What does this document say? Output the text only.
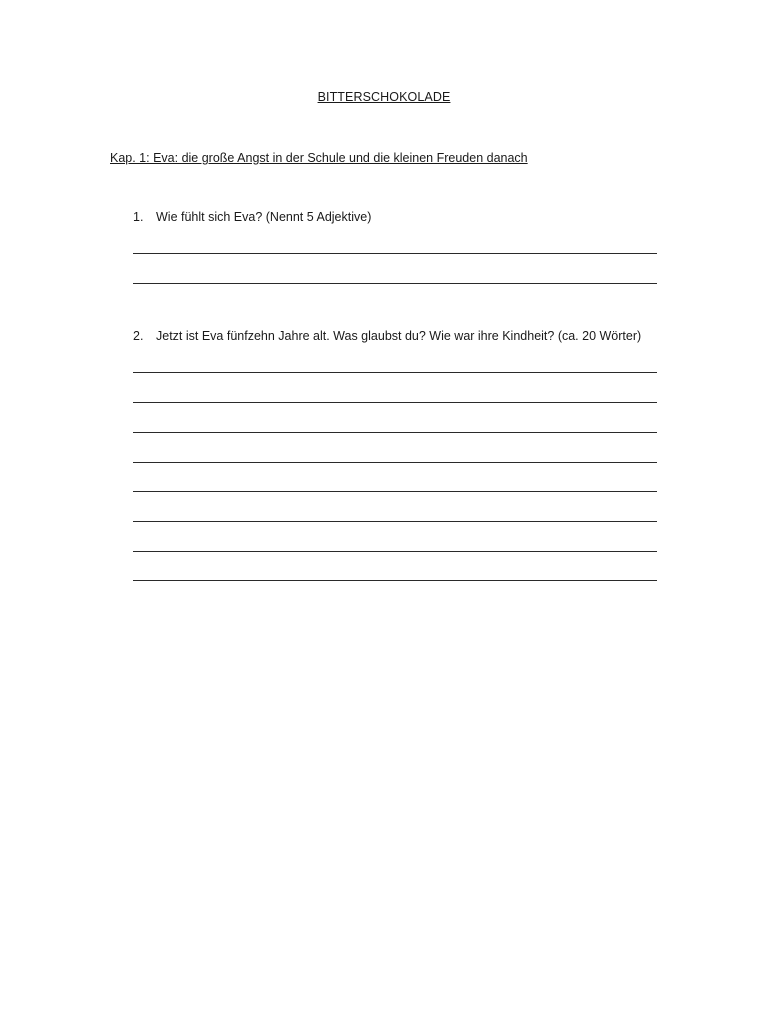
BITTERSCHOKOLADE
Kap. 1: Eva: die große Angst in der Schule und die kleinen Freuden danach
1. Wie fühlt sich Eva? (Nennt 5 Adjektive)
2. Jetzt ist Eva fünfzehn Jahre alt. Was glaubst du? Wie war ihre Kindheit? (ca. 20 Wörter)
